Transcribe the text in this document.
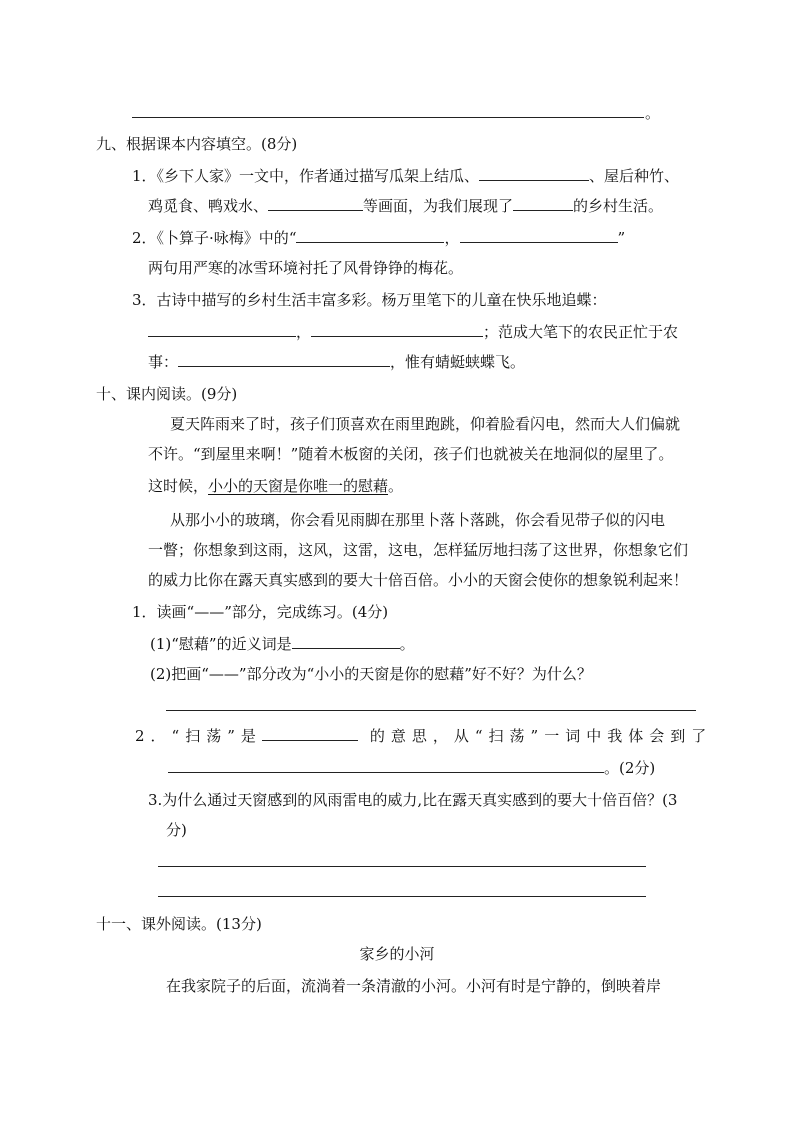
。
九、根据课本内容填空。(8分)
1．《乡下人家》一文中，作者通过描写瓜架上结瓜、	、屋后种竹、
鸡觅食、鸭戏水、	等画面，为我们展现了	的乡村生活。
2．《卜算子·咏梅》中的“	，	”
两句用严寒的冰雪环境衬托了风骨铮铮的梅花。
3．古诗中描写的乡村生活丰富多彩。杨万里笔下的儿童在快乐地追蝶：
，	；范成大笔下的农民正忙于农
事：	，惟有蜻蜓蛱蝶飞。
十、课内阅读。(9分)
夏天阵雨来了时，孩子们顶喜欢在雨里跑跳，仰着脸看闪电，然而大人们偏就
不许。“到屋里来啊！”随着木板窗的关闭，孩子们也就被关在地洞似的屋里了。
这时候，小小的天窗是你唯一的慰藉。
从那小小的玻璃，你会看见雨脚在那里卜落卜落跳，你会看见带子似的闪电
一瞥；你想象到这雨，这风，这雷，这电，怎样猛厉地扫荡了这世界，你想象它们
的威力比你在露天真实感到的要大十倍百倍。小小的天窗会使你的想象锐利起来！
1．读画“——”部分，完成练习。(4分)
(1)“慰藉”的近义词是	。
(2)把画“——”部分改为“小小的天窗是你的慰藉”好不好？为什么？
2．“扫荡”是	的意思，从“扫荡”一词中我体会到了
。(2分)
3.为什么通过天窗感到的风雨雷电的威力,比在露天真实感到的要大十倍百倍？(3
分)
十一、课外阅读。(13分)
家乡的小河
在我家院子的后面，流淌着一条清澈的小河。小河有时是宁静的，倒映着岸
